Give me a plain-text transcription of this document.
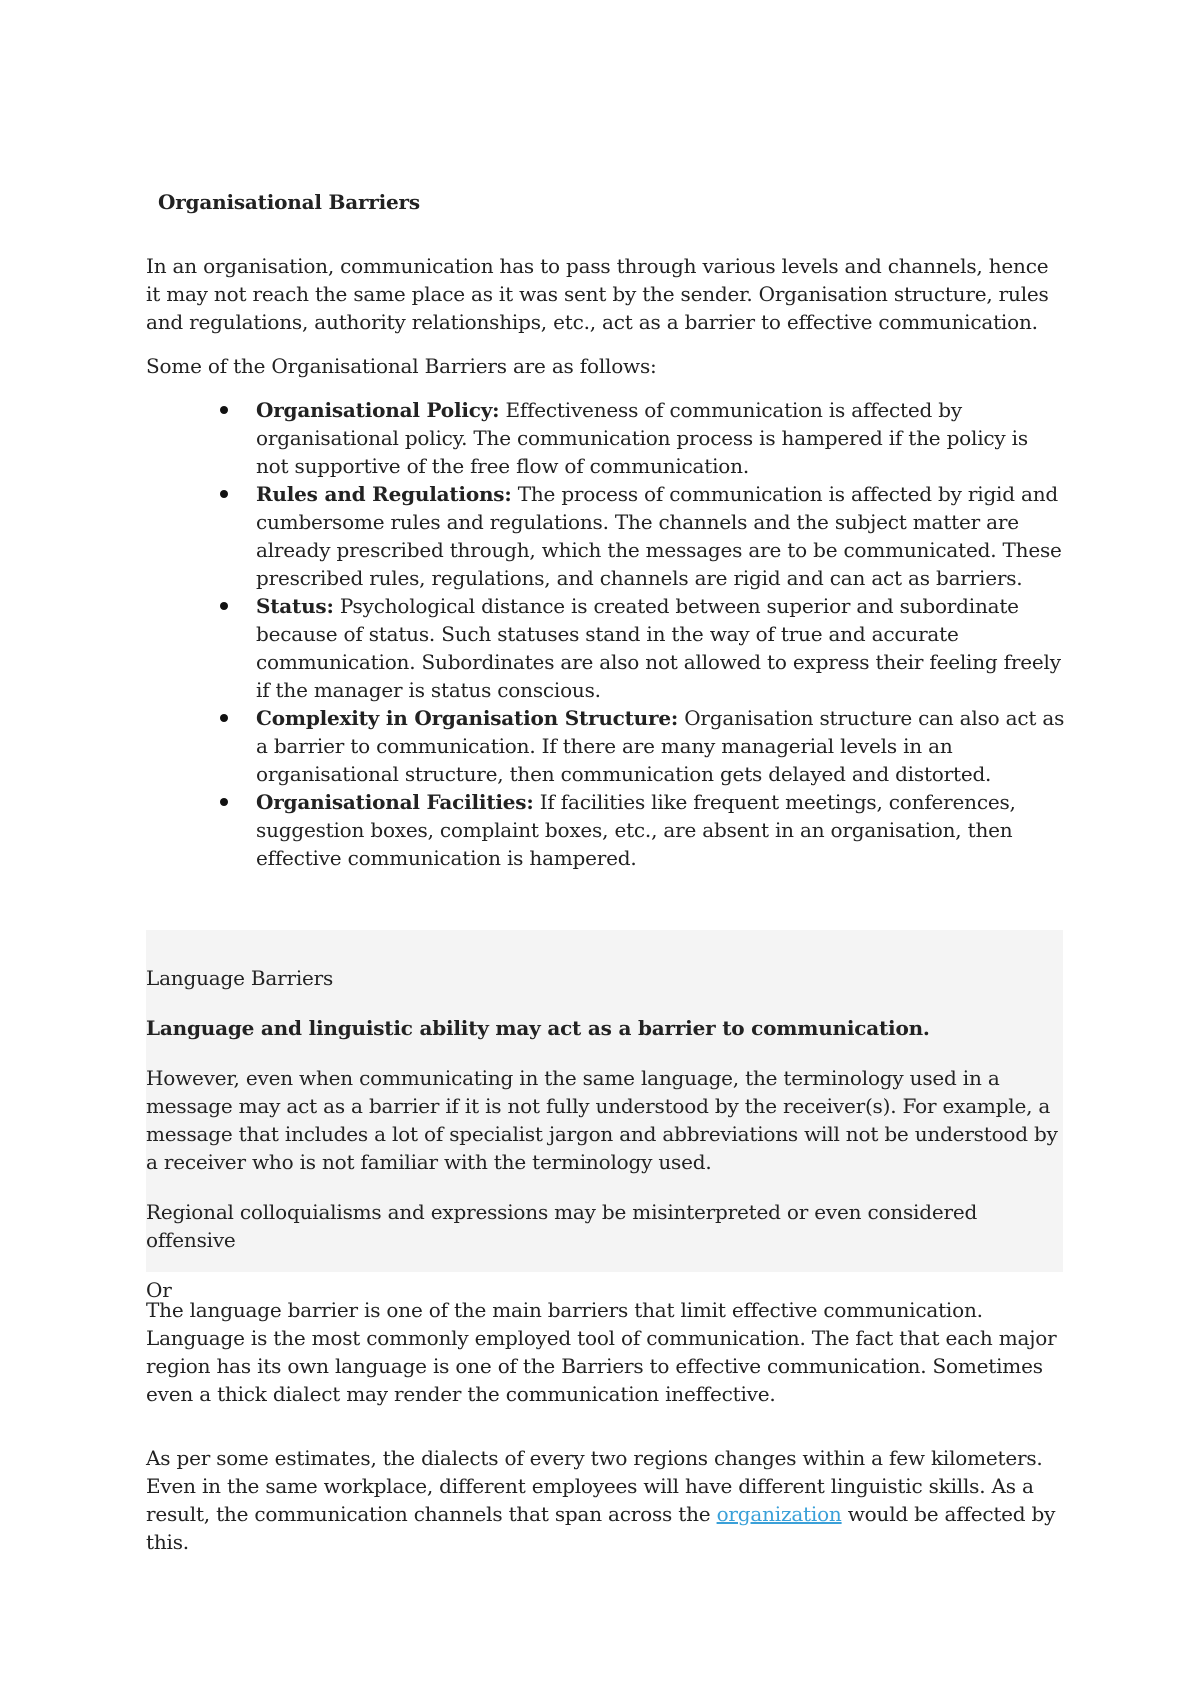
Organisational Barriers

In an organisation, communication has to pass through various levels and channels, hence it may not reach the same place as it was sent by the sender. Organisation structure, rules and regulations, authority relationships, etc., act as a barrier to effective communication.

Some of the Organisational Barriers are as follows:

Organisational Policy: Effectiveness of communication is affected by organisational policy. The communication process is hampered if the policy is not supportive of the free flow of communication.
Rules and Regulations: The process of communication is affected by rigid and cumbersome rules and regulations. The channels and the subject matter are already prescribed through, which the messages are to be communicated. These prescribed rules, regulations, and channels are rigid and can act as barriers.
Status: Psychological distance is created between superior and subordinate because of status. Such statuses stand in the way of true and accurate communication. Subordinates are also not allowed to express their feeling freely if the manager is status conscious.
Complexity in Organisation Structure: Organisation structure can also act as a barrier to communication. If there are many managerial levels in an organisational structure, then communication gets delayed and distorted.
Organisational Facilities: If facilities like frequent meetings, conferences, suggestion boxes, complaint boxes, etc., are absent in an organisation, then effective communication is hampered.

Language Barriers

Language and linguistic ability may act as a barrier to communication.

However, even when communicating in the same language, the terminology used in a message may act as a barrier if it is not fully understood by the receiver(s). For example, a message that includes a lot of specialist jargon and abbreviations will not be understood by a receiver who is not familiar with the terminology used.

Regional colloquialisms and expressions may be misinterpreted or even considered offensive

Or

The language barrier is one of the main barriers that limit effective communication. Language is the most commonly employed tool of communication. The fact that each major region has its own language is one of the Barriers to effective communication. Sometimes even a thick dialect may render the communication ineffective.

As per some estimates, the dialects of every two regions changes within a few kilometers. Even in the same workplace, different employees will have different linguistic skills. As a result, the communication channels that span across the organization would be affected by this.
